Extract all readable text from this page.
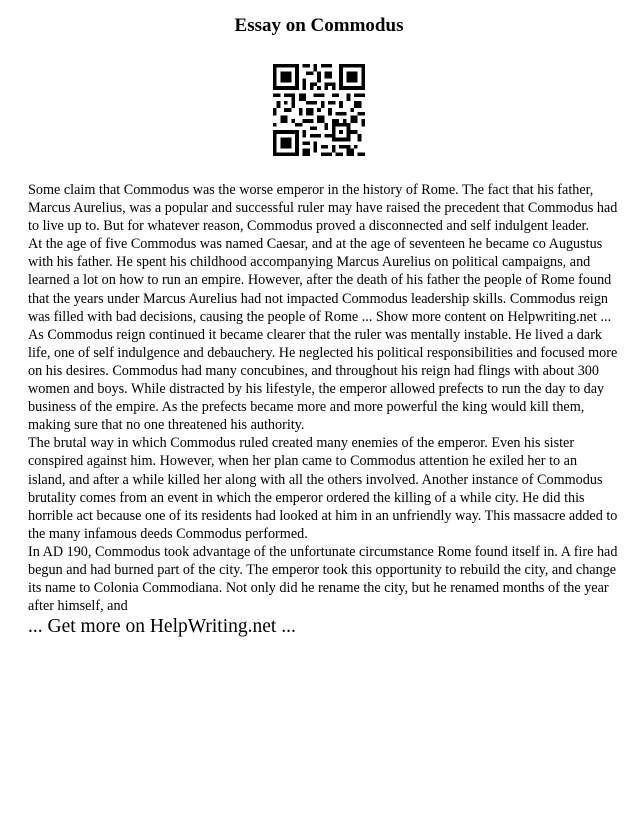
Essay on Commodus

Some claim that Commodus was the worse emperor in the history of Rome. The fact that his father, Marcus Aurelius, was a popular and successful ruler may have raised the precedent that Commodus had to live up to. But for whatever reason, Commodus proved a disconnected and self indulgent leader.

At the age of five Commodus was named Caesar, and at the age of seventeen he became co Augustus with his father. He spent his childhood accompanying Marcus Aurelius on political campaigns, and learned a lot on how to run an empire. However, after the death of his father the people of Rome found that the years under Marcus Aurelius had not impacted Commodus leadership skills. Commodus reign was filled with bad decisions, causing the people of Rome ... Show more content on Helpwriting.net ...

As Commodus reign continued it became clearer that the ruler was mentally instable. He lived a dark life, one of self indulgence and debauchery. He neglected his political responsibilities and focused more on his desires. Commodus had many concubines, and throughout his reign had flings with about 300 women and boys. While distracted by his lifestyle, the emperor allowed prefects to run the day to day business of the empire. As the prefects became more and more powerful the king would kill them, making sure that no one threatened his authority.

The brutal way in which Commodus ruled created many enemies of the emperor. Even his sister conspired against him. However, when her plan came to Commodus attention he exiled her to an island, and after a while killed her along with all the others involved. Another instance of Commodus brutality comes from an event in which the emperor ordered the killing of a while city. He did this horrible act because one of its residents had looked at him in an unfriendly way. This massacre added to the many infamous deeds Commodus performed.

In AD 190, Commodus took advantage of the unfortunate circumstance Rome found itself in. A fire had begun and had burned part of the city. The emperor took this opportunity to rebuild the city, and change its name to Colonia Commodiana. Not only did he rename the city, but he renamed months of the year after himself, and

... Get more on HelpWriting.net ...
